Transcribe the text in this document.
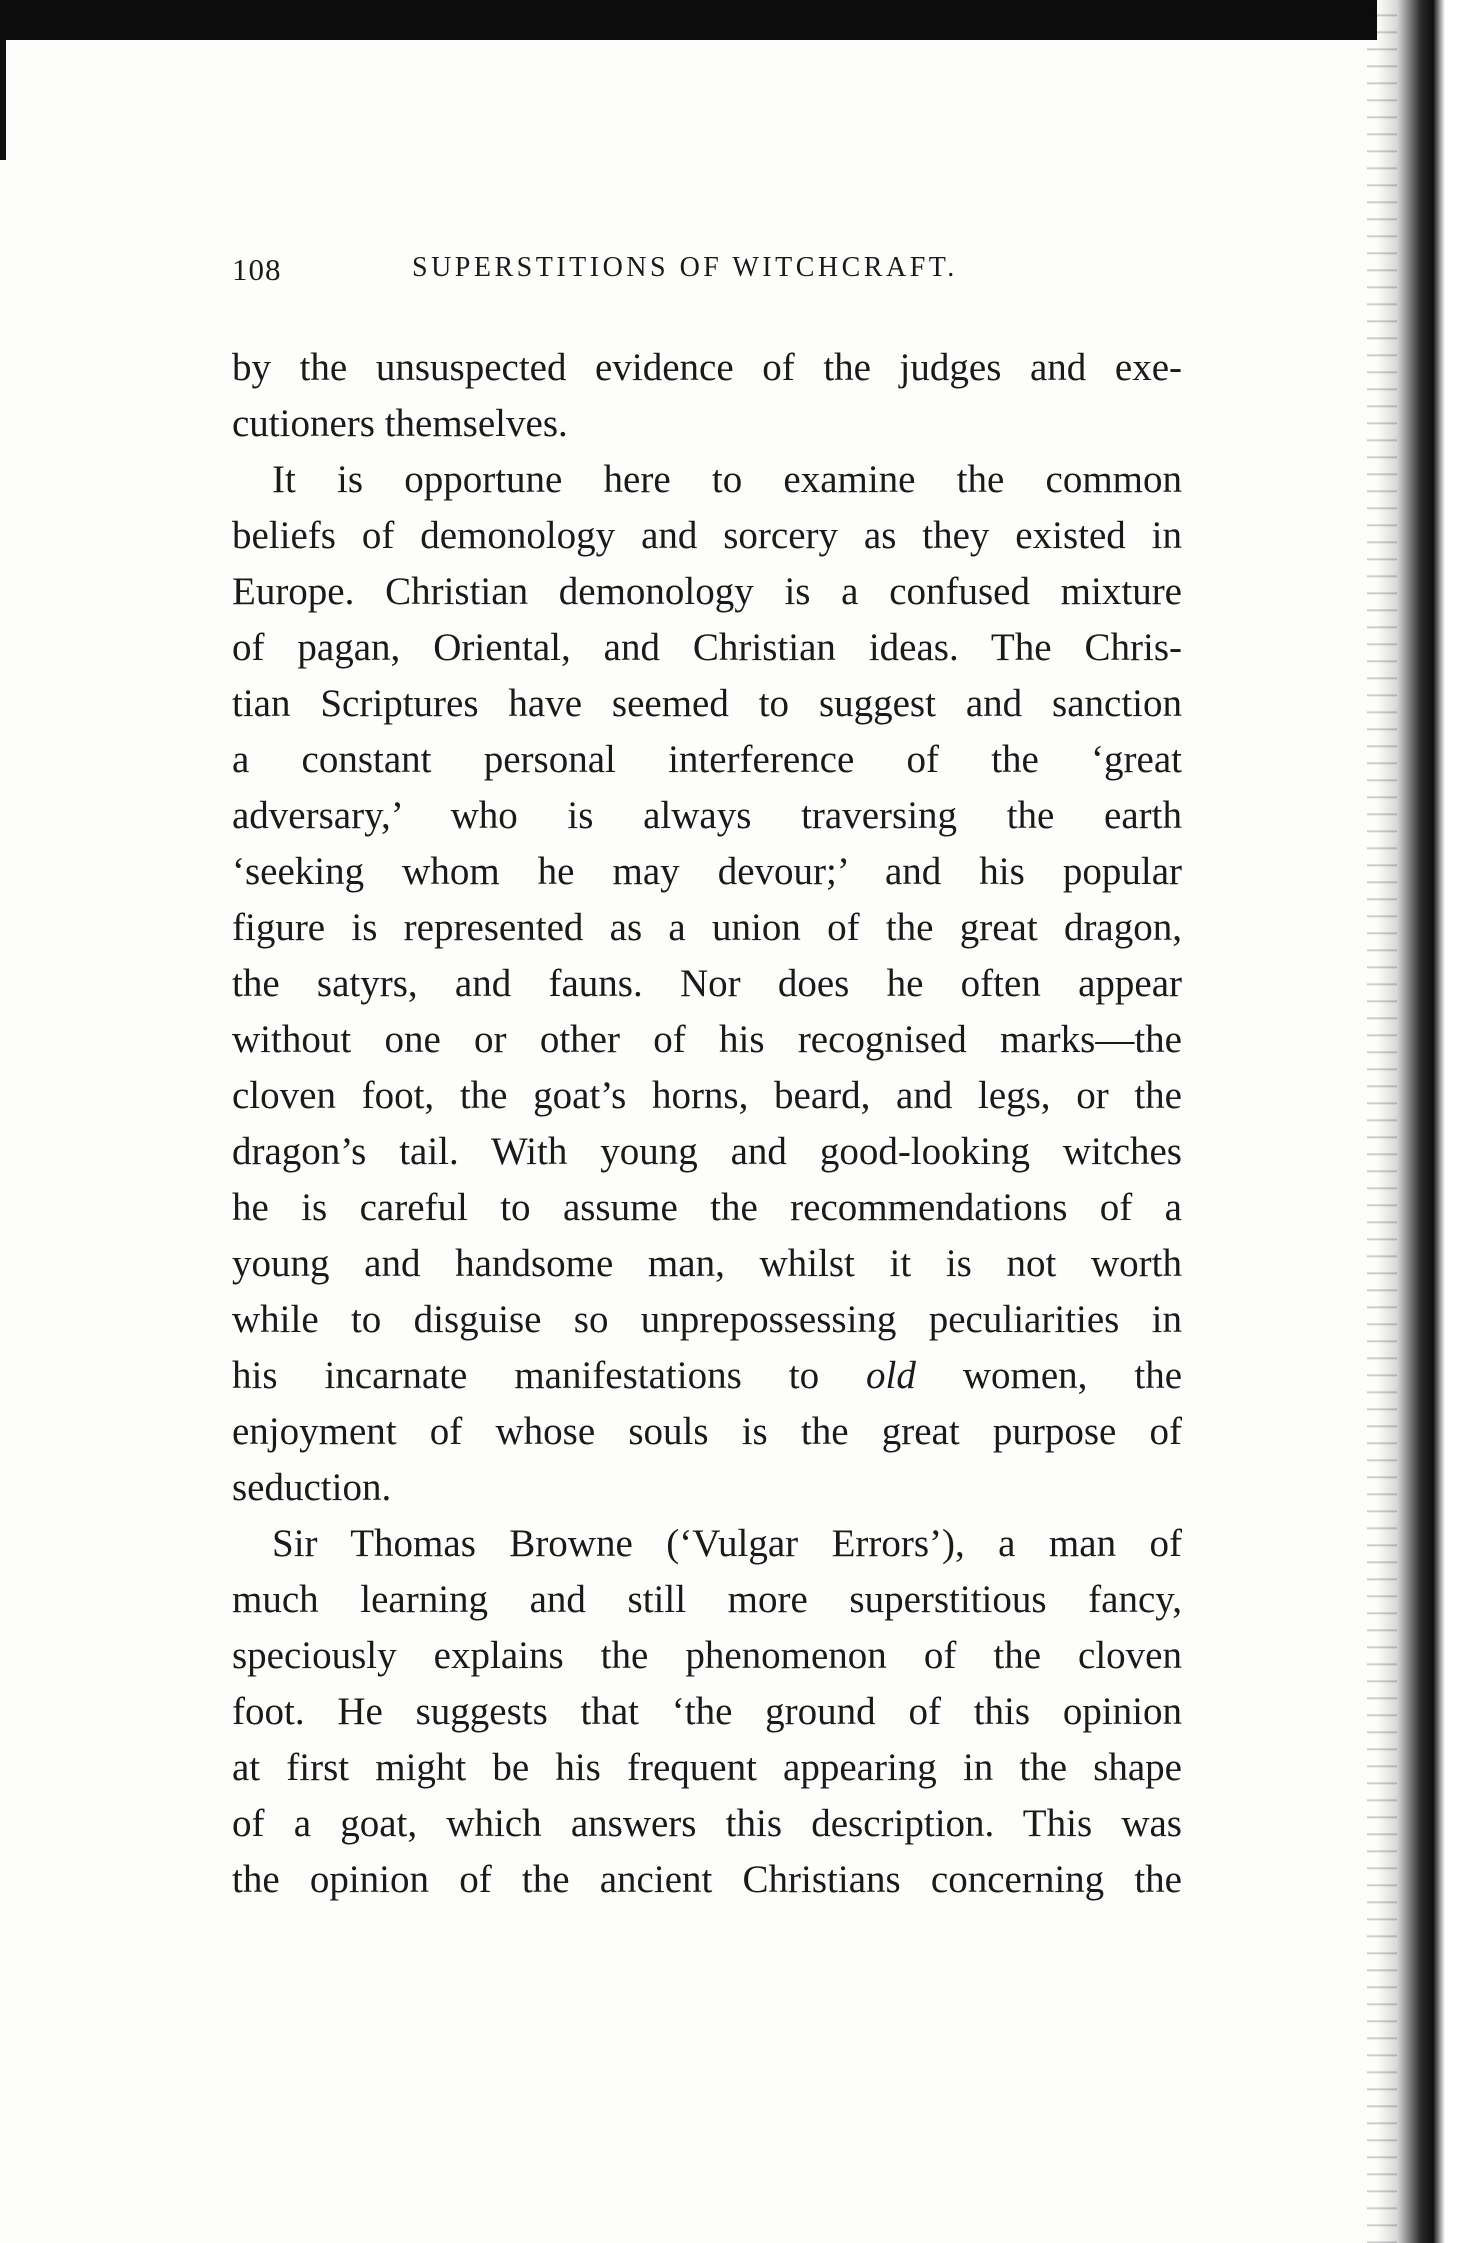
108	SUPERSTITIONS OF WITCHCRAFT.
by the unsuspected evidence of the judges and exe-
cutioners themselves.
It is opportune here to examine the common
beliefs of demonology and sorcery as they existed in
Europe. Christian demonology is a confused mixture
of pagan, Oriental, and Christian ideas. The Chris-
tian Scriptures have seemed to suggest and sanction
a constant personal interference of the ‘great
adversary,’ who is always traversing the earth
‘seeking whom he may devour;’ and his popular
figure is represented as a union of the great dragon,
the satyrs, and fauns. Nor does he often appear
without one or other of his recognised marks—the
cloven foot, the goat’s horns, beard, and legs, or the
dragon’s tail. With young and good-looking witches
he is careful to assume the recommendations of a
young and handsome man, whilst it is not worth
while to disguise so unprepossessing peculiarities in
his incarnate manifestations to old women, the
enjoyment of whose souls is the great purpose of
seduction.
Sir Thomas Browne (‘Vulgar Errors’), a man of
much learning and still more superstitious fancy,
speciously explains the phenomenon of the cloven
foot. He suggests that ‘the ground of this opinion
at first might be his frequent appearing in the shape
of a goat, which answers this description. This was
the opinion of the ancient Christians concerning the
